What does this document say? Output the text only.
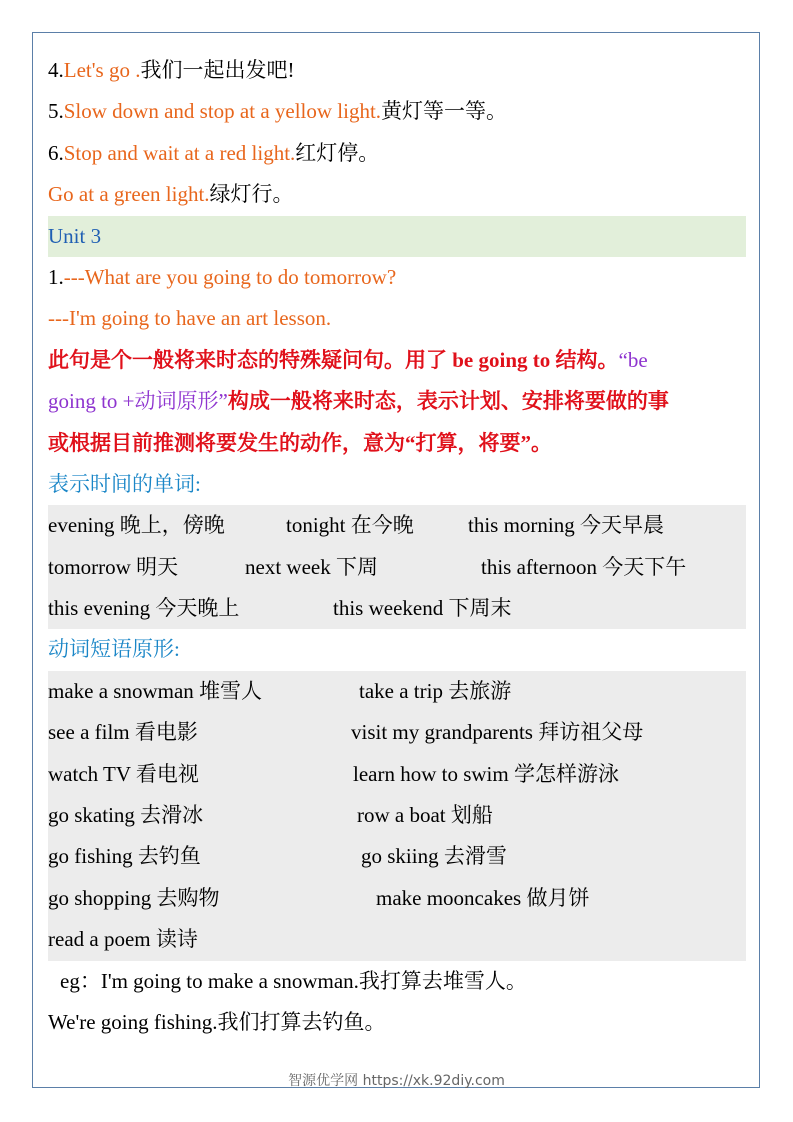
4.Let's go .我们一起出发吧!
5.Slow down and stop at a yellow light.黄灯等一等。
6.Stop and wait at a red light.红灯停。
Go at a green light.绿灯行。
Unit 3
1.---What are you going to do tomorrow?
---I'm going to have an art lesson.
此句是个一般将来时态的特殊疑问句。用了 be going to 结构。“be
going to +动词原形”构成一般将来时态，表示计划、安排将要做的事
或根据目前推测将要发生的动作，意为“打算，将要”。
表示时间的单词:
evening 晚上，傍晚	tonight 在今晚	this morning 今天早晨
tomorrow 明天	next week 下周	this afternoon 今天下午
this evening 今天晚上	this weekend 下周末
动词短语原形:
make a snowman 堆雪人	take a trip 去旅游
see a film 看电影	visit my grandparents 拜访祖父母
watch TV 看电视	learn how to swim 学怎样游泳
go skating 去滑冰	row a boat 划船
go fishing 去钓鱼	go skiing 去滑雪
go shopping 去购物	make mooncakes 做月饼
read a poem 读诗
eg：I'm going to make a snowman.我打算去堆雪人。
We're going fishing.我们打算去钓鱼。
智源优学网 https://xk.92diy.com
